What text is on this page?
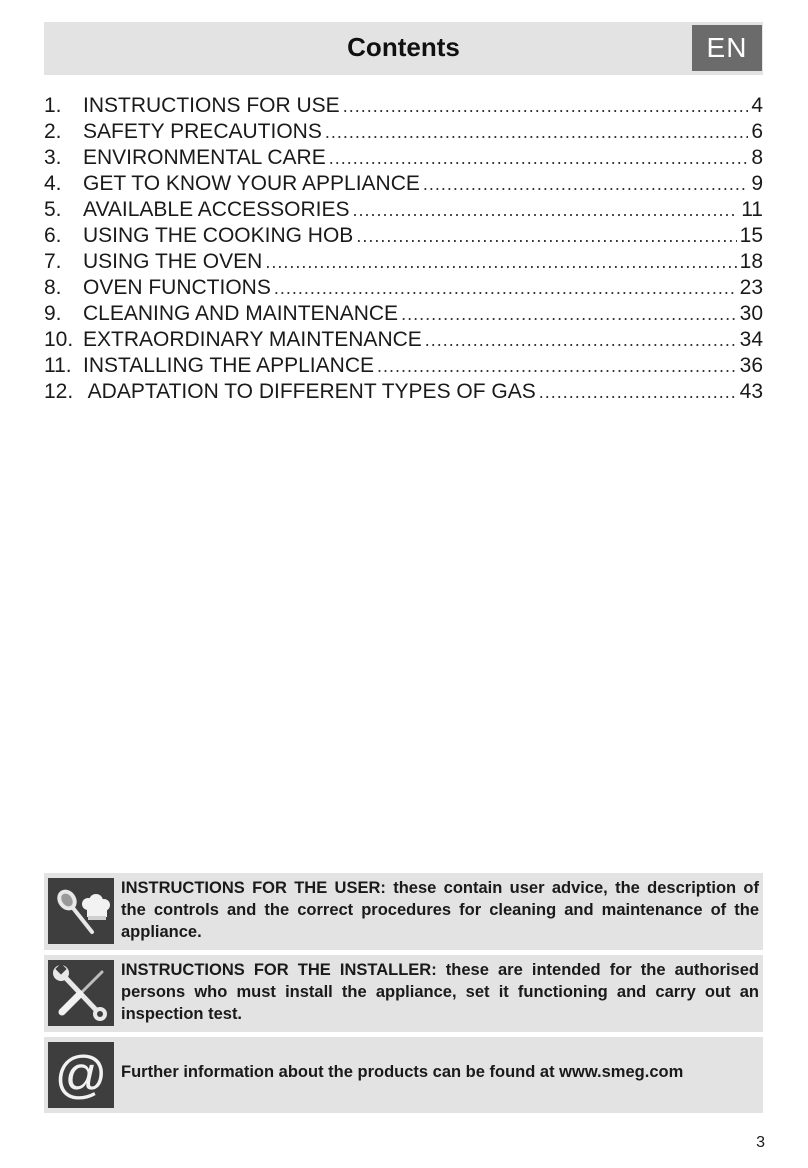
Contents	EN
1.	INSTRUCTIONS FOR USE .....	4
2.	SAFETY PRECAUTIONS .....	6
3.	ENVIRONMENTAL CARE .....	8
4.	GET TO KNOW YOUR APPLIANCE .....	9
5.	AVAILABLE ACCESSORIES .....	11
6.	USING THE COOKING HOB .....	15
7.	USING THE OVEN .....	18
8.	OVEN FUNCTIONS .....	23
9.	CLEANING AND MAINTENANCE .....	30
10. EXTRAORDINARY MAINTENANCE .....	34
11. INSTALLING THE APPLIANCE .....	36
12. ADAPTATION TO DIFFERENT TYPES OF GAS .....	43
INSTRUCTIONS FOR THE USER: these contain user advice, the description of the controls and the correct procedures for cleaning and maintenance of the appliance.
INSTRUCTIONS FOR THE INSTALLER: these are intended for the authorised persons who must install the appliance, set it functioning and carry out an inspection test.
@ Further information about the products can be found at www.smeg.com
3
